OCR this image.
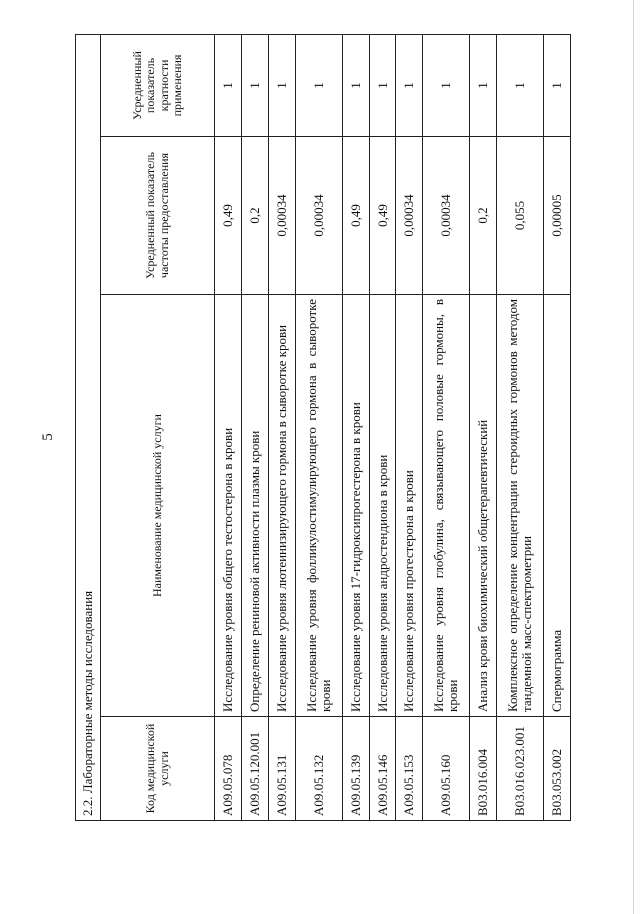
5
2.2. Лабораторные методы исследования			
Код медицинской услуги	Наименование медицинской услуги	Усредненный показатель частоты предоставления	Усредненный показатель кратности применения
A09.05.078	Исследование уровня общего тестостерона в крови	0,49	1
A09.05.120.001	Определение рениновой активности плазмы крови	0,2	1
A09.05.131	Исследование уровня лютеинизирующего гормона в сыворотке крови	0,00034	1
A09.05.132	Исследование уровня фолликулостимулирующего гормона в сыворотке крови	0,00034	1
A09.05.139	Исследование уровня 17-гидроксипрогестерона в крови	0,49	1
A09.05.146	Исследование уровня андростендиона в крови	0,49	1
A09.05.153	Исследование уровня прогестерона в крови	0,00034	1
A09.05.160	Исследование уровня глобулина, связывающего половые гормоны, в крови	0,00034	1
B03.016.004	Анализ крови биохимический общетерапевтический	0,2	1
B03.016.023.001	Комплексное определение концентрации стероидных гормонов методом тандемной масс-спектрометрии	0,055	1
B03.053.002	Спермограмма	0,00005	1
